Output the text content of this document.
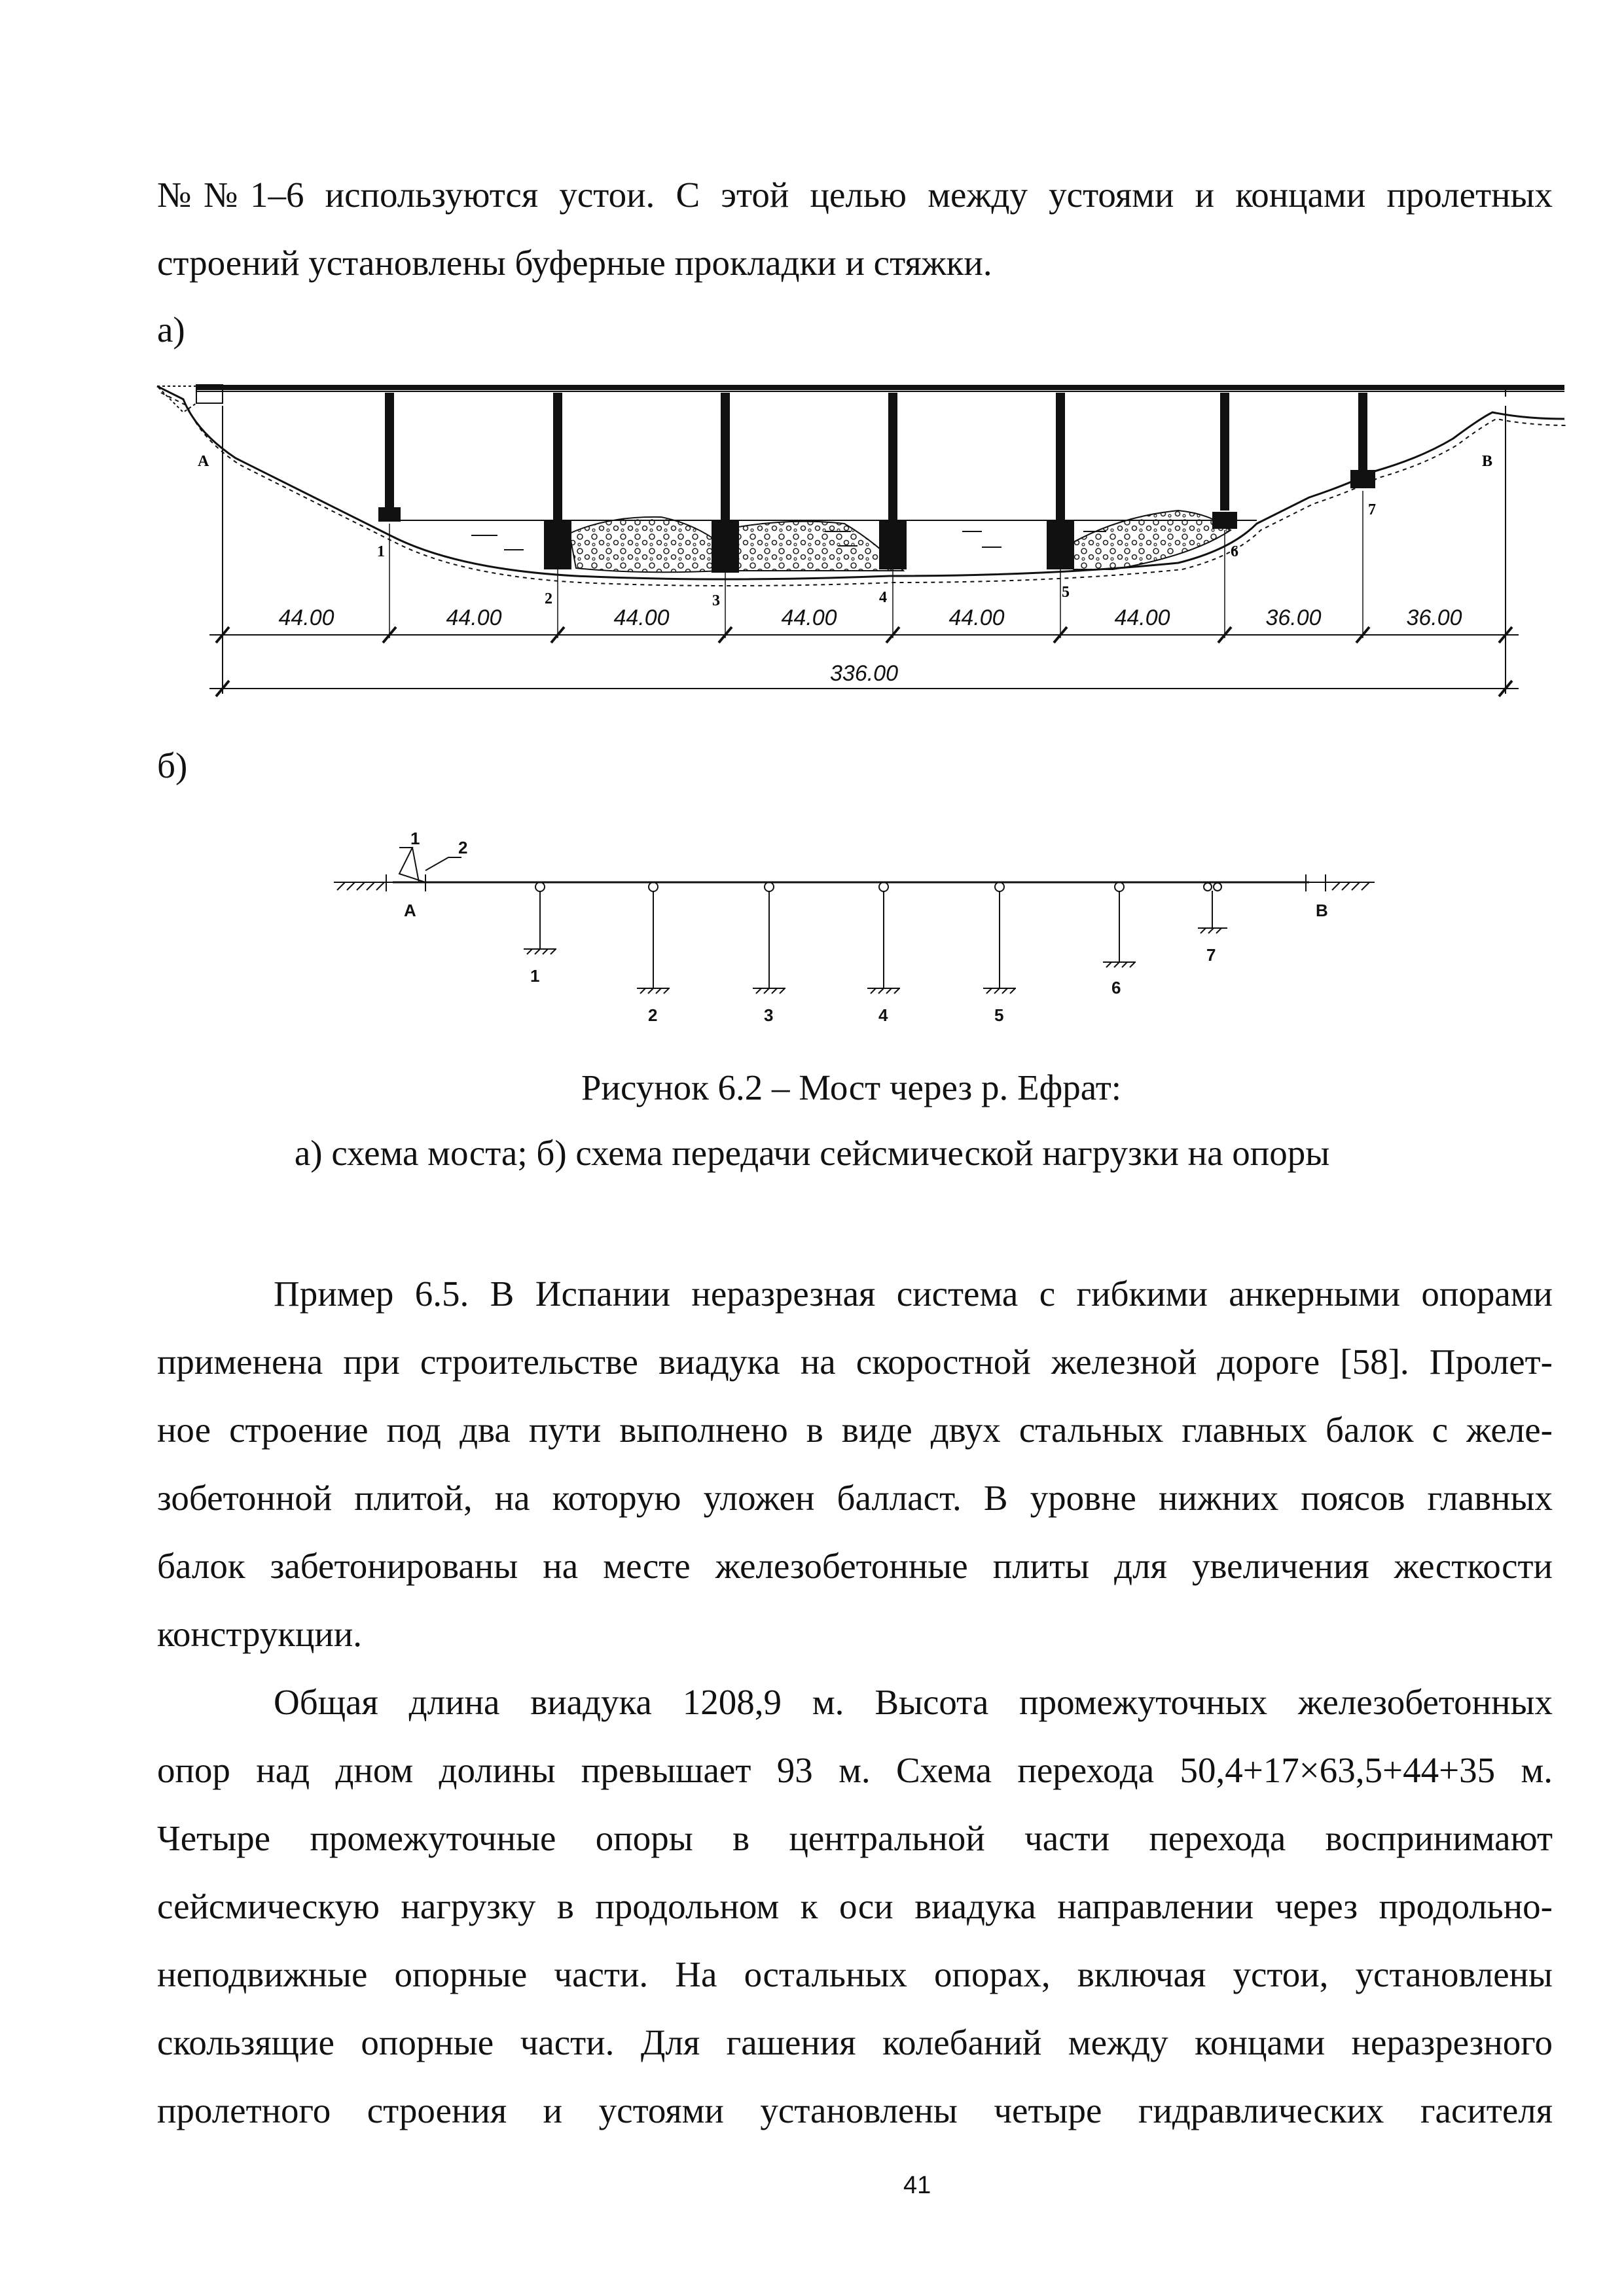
№№1–6 используются устои. С этой целью между устоями и концами пролетных
строений установлены буферные прокладки и стяжки.
а)
A	B
1
2	3	4	5
6
7
44.00	44.00	44.00	44.00	44.00	44.00	36.00	36.00
336.00
б)
1 2
A	B
1
2	3	4	5
6
7
Рисунок 6.2 – Мост через р. Ефрат:
а) схема моста; б) схема передачи сейсмической нагрузки на опоры
Пример 6.5. В Испании неразрезная система с гибкими анкерными опорами
применена при строительстве виадука на скоростной железной дороге [58]. Пролет-
ное строение под два пути выполнено в виде двух стальных главных балок с желе-
зобетонной плитой, на которую уложен балласт. В уровне нижних поясов главных
балок забетонированы на месте железобетонные плиты для увеличения жесткости
конструкции.
Общая длина виадука 1208,9 м. Высота промежуточных железобетонных
опор над дном долины превышает 93 м. Схема перехода 50,4+17×63,5+44+35 м.
Четыре промежуточные опоры в центральной части перехода воспринимают
сейсмическую нагрузку в продольном к оси виадука направлении через продольно-
неподвижные опорные части. На остальных опорах, включая устои, установлены
скользящие опорные части. Для гашения колебаний между концами неразрезного
пролетного строения и устоями установлены четыре гидравлических гасителя
41
